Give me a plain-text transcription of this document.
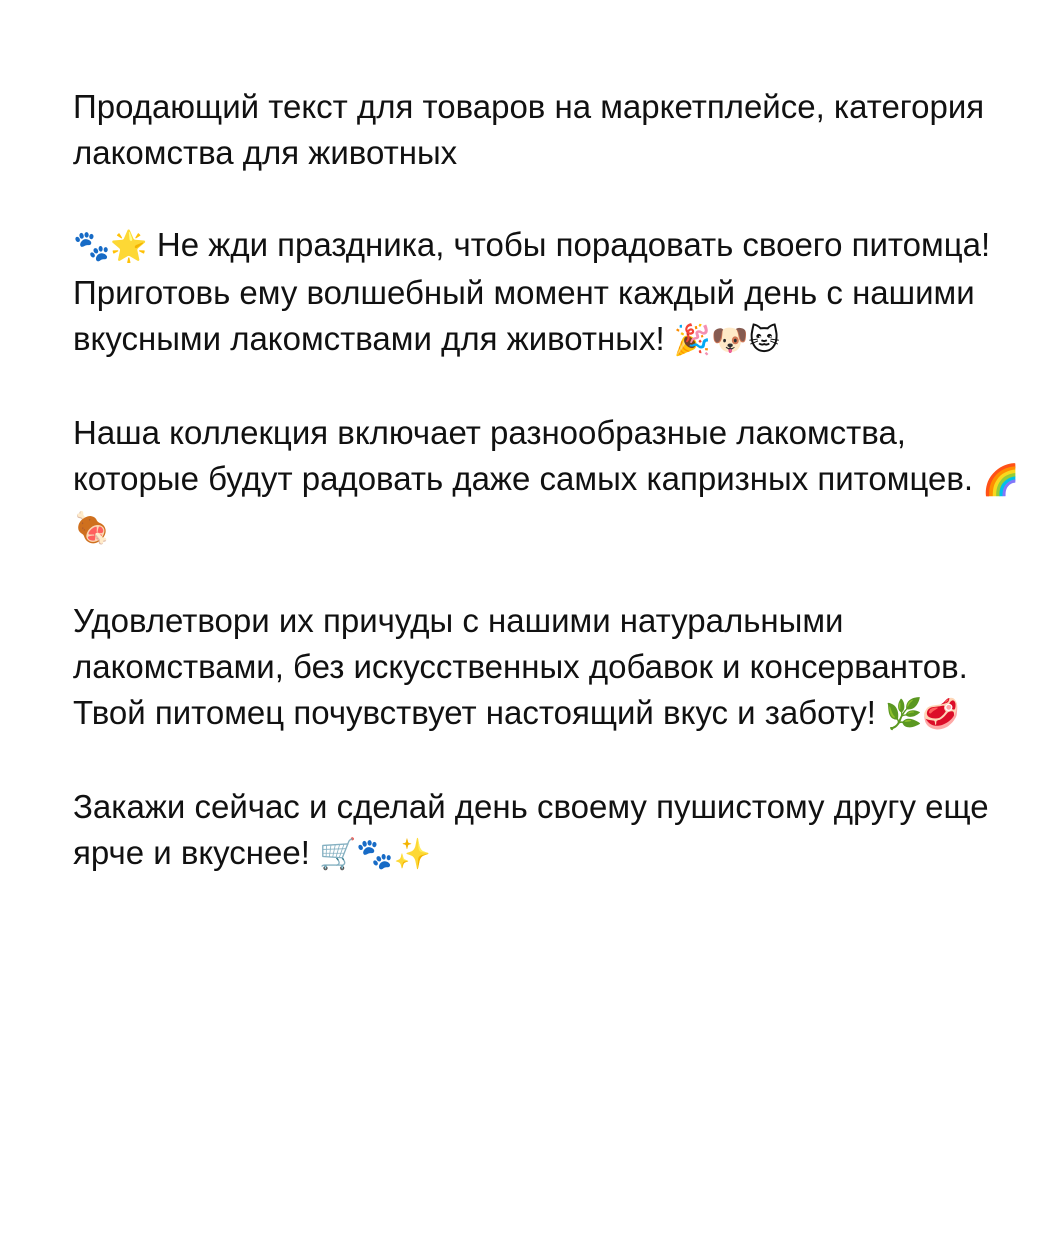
Продающий текст для товаров на маркетплейсе, категория лакомства для животных

🐾🌟 Не жди праздника, чтобы порадовать своего питомца! Приготовь ему волшебный момент каждый день с нашими вкусными лакомствами для животных! 🎉🐶🐱

Наша коллекция включает разнообразные лакомства, которые будут радовать даже самых капризных питомцев. 🌈🍖

Удовлетвори их причуды с нашими натуральными лакомствами, без искусственных добавок и консервантов. Твой питомец почувствует настоящий вкус и заботу! 🌿🥩

Закажи сейчас и сделай день своему пушистому другу еще ярче и вкуснее! 🛒🐾✨
